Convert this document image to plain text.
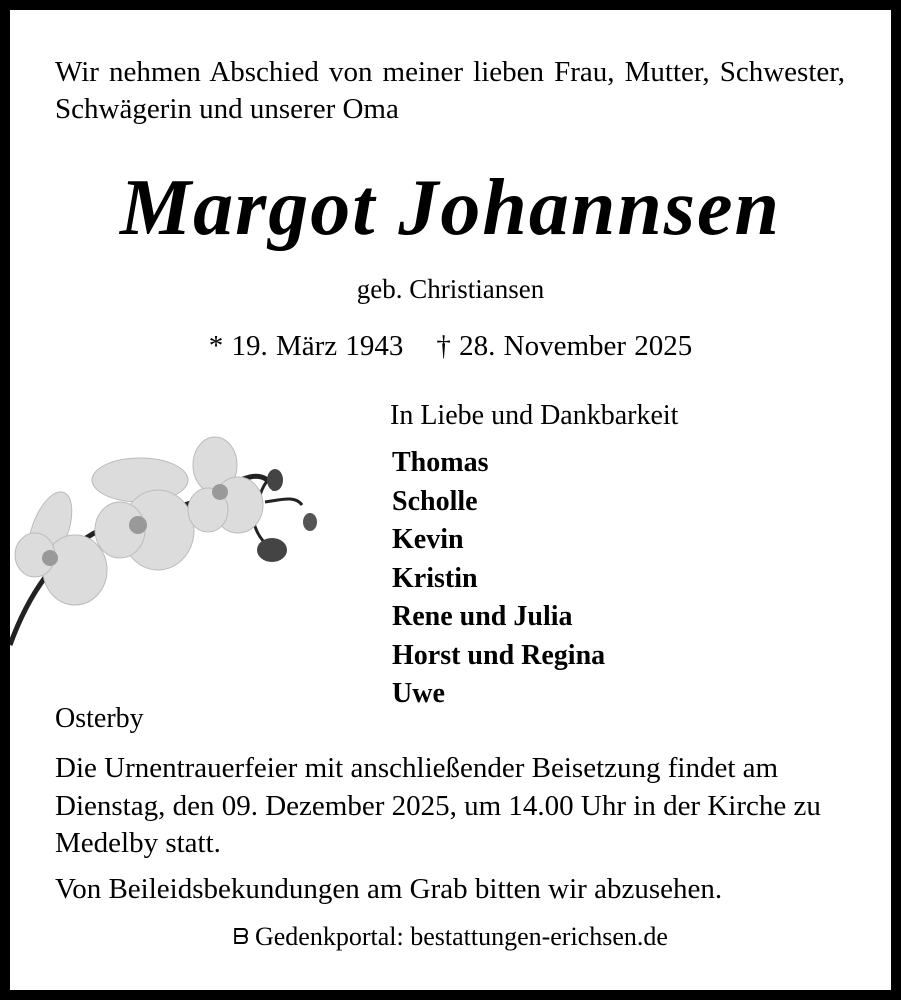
Wir nehmen Abschied von meiner lieben Frau, Mutter, Schwester, Schwägerin und unserer Oma
Margot Johannsen
geb. Christiansen
* 19. März 1943    † 28. November 2025
In Liebe und Dankbarkeit
Thomas
Scholle
Kevin
Kristin
Rene und Julia
Horst und Regina
Uwe
Osterby
Die Urnentrauerfeier mit anschließender Beisetzung findet am Dienstag, den 09. Dezember 2025, um 14.00 Uhr in der Kirche zu Medelby statt.
Von Beileidsbekundungen am Grab bitten wir abzusehen.
ᗷ Gedenkportal: bestattungen-erichsen.de
